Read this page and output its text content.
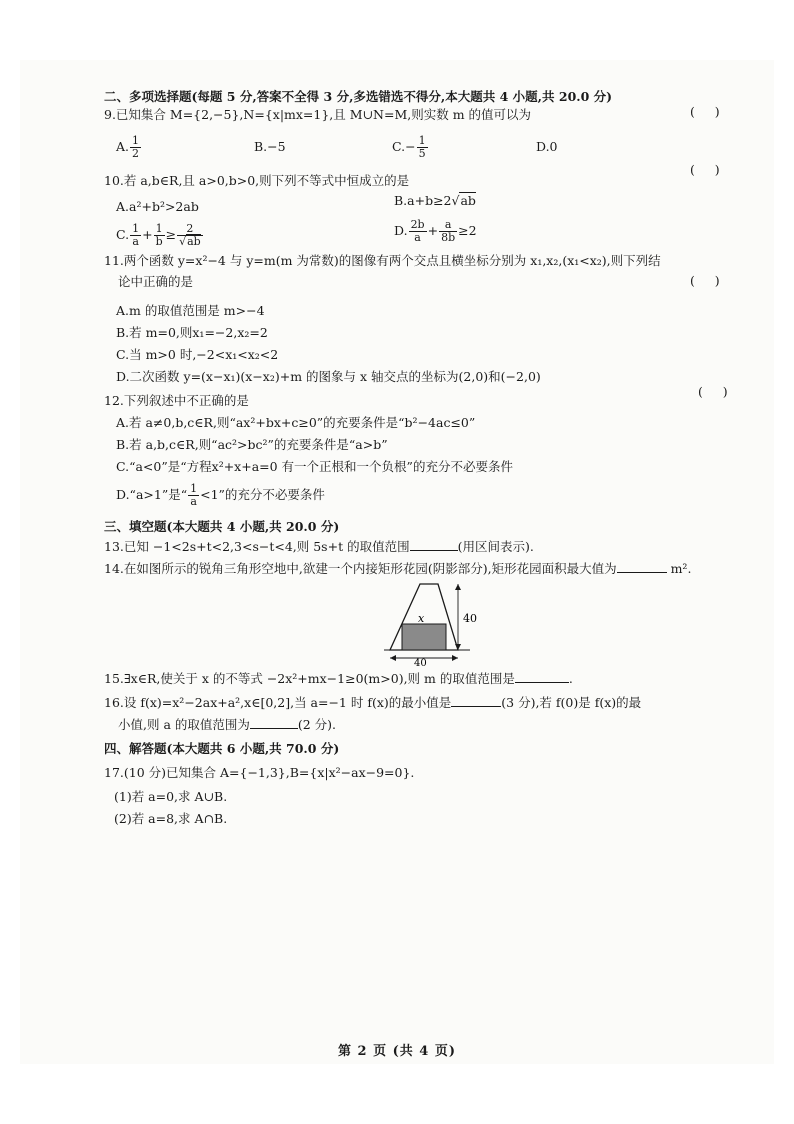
二、多项选择题(每题 5 分,答案不全得 3 分,多选错选不得分,本大题共 4 小题,共 20.0 分)
9.已知集合 M={2,−5},N={x|mx=1},且 M∪N=M,则实数 m 的值可以为	(     )
A. $\frac{1}{2}$	B.−5	$C.- \frac{1}{5}$	D.0
10.若 a,b∈R,且 a>0,b>0,则下列不等式中恒成立的是
(     )
A.a²+b²>2ab	B.a+b≥2√ab
C. $\frac{1}{a} + \frac{1}{b} \ge \frac{2}{√ab}$	D. $\frac{2b}{a} + \frac{a}{8b} \ge 2$
11.两个函数 y=x²−4 与 y=m(m 为常数)的图像有两个交点且横坐标分别为 x₁,x₂,(x₁<x₂),则下列结
论中正确的是	(     )
A.m 的取值范围是 m>−4
B.若 m=0,则x₁=−2,x₂=2
C.当 m>0 时,−2<x₁<x₂<2
D.二次函数 y=(x−x₁)(x−x₂)+m 的图象与 x 轴交点的坐标为(2,0)和(−2,0)
12.下列叙述中不正确的是
(     )
A.若 a≠0,b,c∈R,则“ax²+bx+c≥0”的充要条件是“b²−4ac≤0”
B.若 a,b,c∈R,则“ac²>bc²”的充要条件是“a>b”
C.“a<0”是“方程x²+x+a=0 有一个正根和一个负根”的充分不必要条件
D.“a>1”是“ $\frac{1}{a} <1$”的充分不必要条件
三、填空题(本大题共 4 小题,共 20.0 分)
13.已知 −1<2s+t<2,3<s−t<4,则 5s+t 的取值范围	(用区间表示).
14.在如图所示的锐角三角形空地中,欲建一个内接矩形花园(阴影部分),矩形花园面积最大值为	m².
x	40
40
15.∃x∈R,使关于 x 的不等式 −2x²+mx−1≥0(m>0),则 m 的取值范围是	.
16.设 f(x)=x²−2ax+a²,x∈[0,2],当 a=−1 时 f(x)的最小值是	(3 分),若 f(0)是 f(x)的最
小值,则 a 的取值范围为	(2 分).
四、解答题(本大题共 6 小题,共 70.0 分)
17.(10 分)已知集合 A={−1,3},B={x|x²−ax−9=0}.
(1)若 a=0,求 A∪B.
(2)若 a=8,求 A∩B.
第 2 页 (共 4 页)
